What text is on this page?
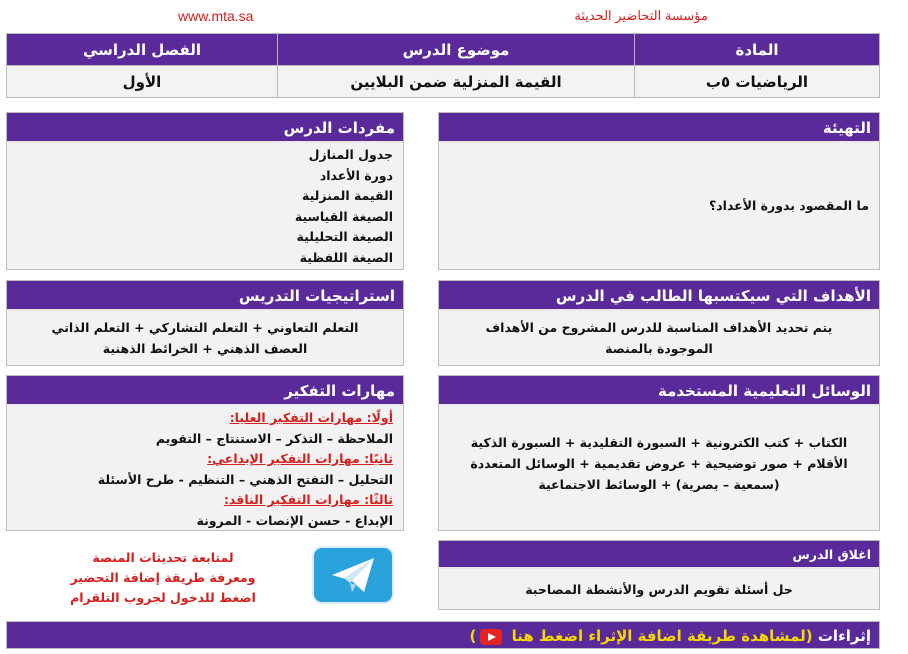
www.mta.sa	مؤسسة التحاضير الحديثة
المادة	موضوع الدرس	الفصل الدراسي
الرياضيات ٥ب	القيمة المنزلية ضمن البلايين	الأول
التهيئة
ما المقصود بدورة الأعداد؟
الأهداف التي سيكتسبها الطالب في الدرس
يتم تحديد الأهداف المناسبة للدرس المشروح من الأهداف الموجودة بالمنصة
الوسائل التعليمية المستخدمة
الكتاب + كتب الكترونية + السبورة التقليدية + السبورة الذكية
الأقلام + صور توضيحية + عروض تقديمية + الوسائل المتعددة
(سمعية – بصرية) + الوسائط الاجتماعية
اغلاق الدرس
حل أسئلة تقويم الدرس والأنشطة المصاحبة
مفردات الدرس
جدول المنازل
دورة الأعداد
القيمة المنزلية
الصيغة القياسية
الصيغة التحليلية
الصيغة اللفظية
استراتيجيات التدريس
التعلم التعاوني + التعلم التشاركي + التعلم الذاتي
العصف الذهني + الخرائط الذهنية
مهارات التفكير
أولًا: مهارات التفكير العليا:
الملاحظة – التذكر – الاستنتاج – التقويم
ثانيًا: مهارات التفكير الإبداعي:
التحليل – التفتح الذهني – التنظيم - طرح الأسئلة
ثالثًا: مهارات التفكير الناقد:
الإبداع - حسن الإنصات - المرونة
لمتابعة تحديثات المنصة
ومعرفة طريقة إضافة التحضير
اضغط للدخول لجروب التلقرام
إثراءات (لمشاهدة طريقة اضافة الإثراء اضغط هنا )
